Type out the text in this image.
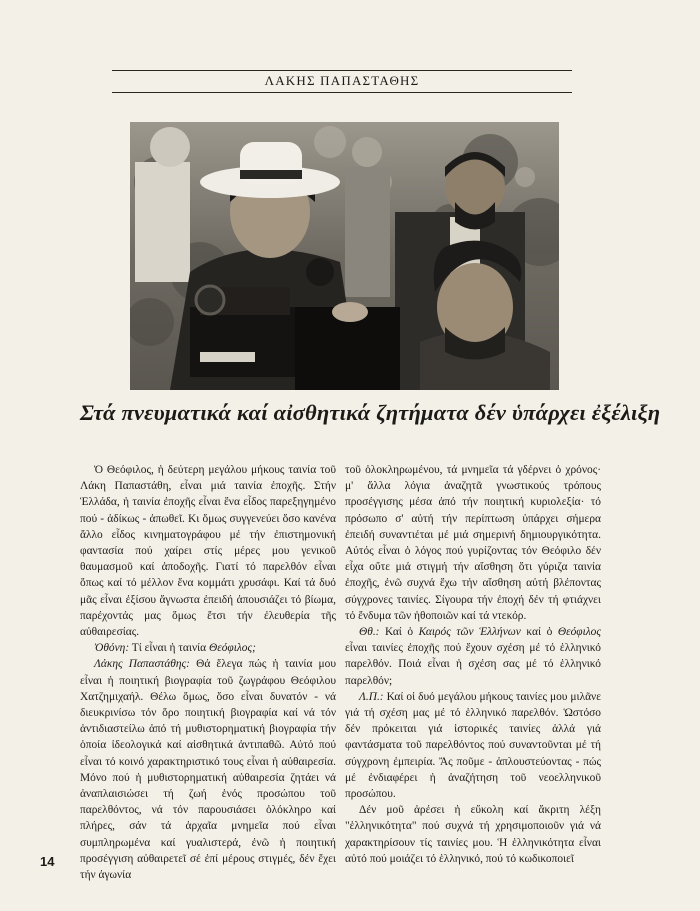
ΛΑΚΗΣ ΠΑΠΑΣΤΑΘΗΣ
Στά πνευματικά καί αἰσθητικά ζητήματα δέν ὑπάρχει ἐξέλιξη

Ὁ Θεόφιλος, ἡ δεύτερη μεγάλου μήκους ταινία τοῦ Λάκη Παπαστάθη, εἶναι μιά ταινία ἐποχῆς. Στήν Ἑλλάδα, ἡ ταινία ἐποχῆς εἶναι ἕνα εἶδος παρεξηγημένο πού - ἀδίκως - ἀπωθεῖ. Κι ὅμως συγγενεύει ὅσο κανένα ἄλλο εἶδος κινηματογράφου μέ τήν ἐπιστημονική φαντασία πού χαίρει στίς μέρες μου γενικοῦ θαυμασμοῦ καί ἀποδοχῆς. Γιατί τό παρελθόν εἶναι ὅπως καί τό μέλλον ἕνα κομμάτι χρυσάφι. Καί τά δυό μᾶς εἶναι ἐξίσου ἄγνωστα ἐπειδή ἀπουσιάζει τό βίωμα, παρέχοντάς μας ὅμως ἔτσι τήν ἐλευθερία τῆς αὐθαιρεσίας.

Ὀθόνη: Τί εἶναι ἡ ταινία Θεόφιλος;

Λάκης Παπαστάθης: Θά ἔλεγα πώς ἡ ταινία μου εἶναι ἡ ποιητική βιογραφία τοῦ ζωγράφου Θεόφιλου Χατζημιχαήλ. Θέλω ὅμως, ὅσο εἶναι δυνατόν - νά διευκρινίσω τόν ὅρο ποιητική βιογραφία καί νά τόν ἀντιδιαστείλω ἀπό τή μυθιστορηματική βιογραφία τήν ὁποία ἰδεολογικά καί αἰσθητικά ἀντιπαθῶ. Αὐτό πού εἶναι τό κοινό χαρακτηριστικό τους εἶναι ἡ αὐθαιρεσία. Μόνο πού ἡ μυθιστορηματική αὐθαιρεσία ζητάει νά ἀναπλαισιώσει τή ζωή ἑνός προσώπου τοῦ παρελθόντος, νά τόν παρουσιάσει ὁλόκληρο καί πλήρες, σάν τά ἀρχαῖα μνημεῖα πού εἶναι συμπληρωμένα καί γυαλιστερά, ἐνῶ ἡ ποιητική προσέγγιση αὐθαιρετεῖ σέ ἐπί μέρους στιγμές, δέν ἔχει τήν ἀγωνία

τοῦ ὁλοκληρωμένου, τά μνημεῖα τά γδέρνει ὁ χρόνος· μ' ἄλλα λόγια ἀναζητᾶ γνωστικούς τρόπους προσέγγισης μέσα ἀπό τήν ποιητική κυριολεξία· τό πρόσωπο σ' αὐτή τήν περίπτωση ὑπάρχει σήμερα ἐπειδή συναντιέται μέ μιά σημερινή δημιουργικότητα. Αὐτός εἶναι ὁ λόγος πού γυρίζοντας τόν Θεόφιλο δέν εἶχα οὔτε μιά στιγμή τήν αἴσθηση ὅτι γύριζα ταινία ἐποχῆς, ἐνῶ συχνά ἔχω τήν αἴσθηση αὐτή βλέποντας σύγχρονες ταινίες. Σίγουρα τήν ἐποχή δέν τή φτιάχνει τό ἔνδυμα τῶν ἠθοποιῶν καί τά ντεκόρ.

Θθ.: Καί ὁ Καιρός τῶν Ἑλλήνων καί ὁ Θεόφιλος εἶναι ταινίες ἐποχῆς πού ἔχουν σχέση μέ τό ἑλληνικό παρελθόν. Ποιά εἶναι ἡ σχέση σας μέ τό ἑλληνικό παρελθόν;

Λ.Π.: Καί οἱ δυό μεγάλου μήκους ταινίες μου μιλᾶνε γιά τή σχέση μας μέ τό ἑλληνικό παρελθόν. Ὡστόσο δέν πρόκειται γιά ἱστορικές ταινίες ἀλλά γιά φαντάσματα τοῦ παρελθόντος πού συναντοῦνται μέ τή σύγχρονη ἐμπειρία. Ἄς ποῦμε - ἁπλουστεύοντας - πώς μέ ἐνδιαφέρει ἡ ἀναζήτηση τοῦ νεοελληνικοῦ προσώπου.

Δέν μοῦ ἀρέσει ἡ εὔκολη καί ἄκριτη λέξη "ἑλληνικότητα" πού συχνά τή χρησιμοποιοῦν γιά νά χαρακτηρίσουν τίς ταινίες μου. Ἡ ἑλληνικότητα εἶναι αὐτό πού μοιάζει τό ἑλληνικό, πού τό κωδικοποιεῖ

14
